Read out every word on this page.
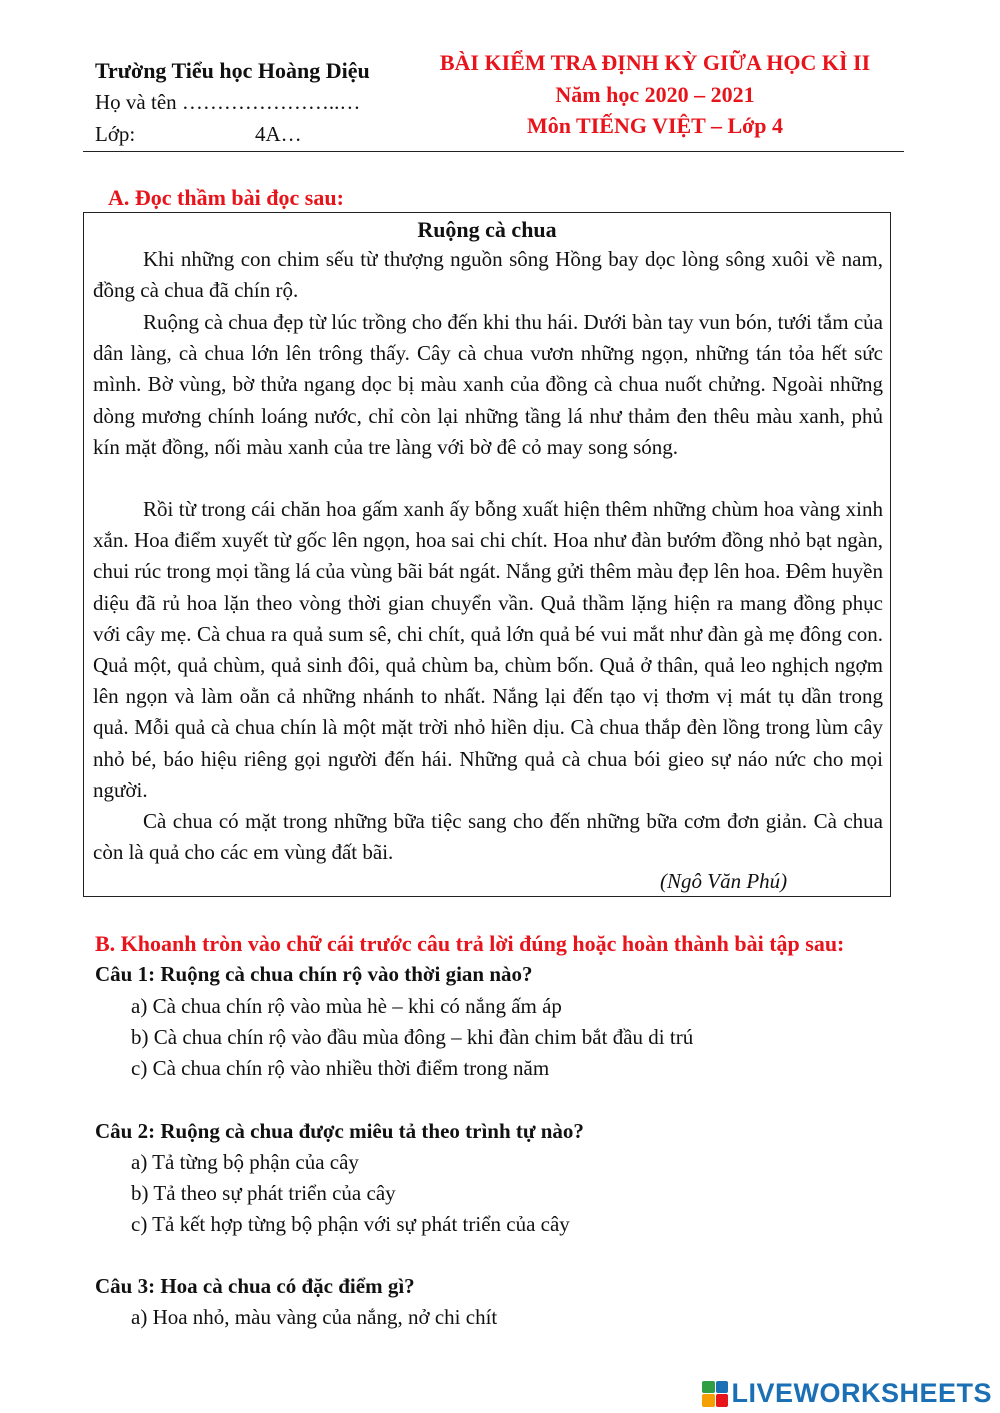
Trường Tiểu học Hoàng Diệu
Họ và tên …………………..…
Lớp:	4A…
BÀI KIỂM TRA ĐỊNH KỲ GIỮA HỌC KÌ II
Năm học 2020 – 2021
Môn TIẾNG VIỆT – Lớp 4
A. Đọc thầm bài đọc sau:
Ruộng cà chua

Khi những con chim sếu từ thượng nguồn sông Hồng bay dọc lòng sông xuôi về nam, đồng cà chua đã chín rộ.

Ruộng cà chua đẹp từ lúc trồng cho đến khi thu hái. Dưới bàn tay vun bón, tưới tắm của dân làng, cà chua lớn lên trông thấy. Cây cà chua vươn những ngọn, những tán tỏa hết sức mình. Bờ vùng, bờ thửa ngang dọc bị màu xanh của đồng cà chua nuốt chửng. Ngoài những dòng mương chính loáng nước, chỉ còn lại những tầng lá như thảm đen thêu màu xanh, phủ kín mặt đồng, nối màu xanh của tre làng với bờ đê cỏ may song sóng.

Rồi từ trong cái chăn hoa gấm xanh ấy bỗng xuất hiện thêm những chùm hoa vàng xinh xắn. Hoa điểm xuyết từ gốc lên ngọn, hoa sai chi chít. Hoa như đàn bướm đồng nhỏ bạt ngàn, chui rúc trong mọi tầng lá của vùng bãi bát ngát. Nắng gửi thêm màu đẹp lên hoa. Đêm huyền diệu đã rủ hoa lặn theo vòng thời gian chuyển vần. Quả thầm lặng hiện ra mang đồng phục với cây mẹ. Cà chua ra quả sum sê, chi chít, quả lớn quả bé vui mắt như đàn gà mẹ đông con. Quả một, quả chùm, quả sinh đôi, quả chùm ba, chùm bốn. Quả ở thân, quả leo nghịch ngợm lên ngọn và làm oằn cả những nhánh to nhất. Nắng lại đến tạo vị thơm vị mát tụ dần trong quả. Mỗi quả cà chua chín là một mặt trời nhỏ hiền dịu. Cà chua thắp đèn lồng trong lùm cây nhỏ bé, báo hiệu riêng gọi người đến hái. Những quả cà chua bói gieo sự náo nức cho mọi người.

Cà chua có mặt trong những bữa tiệc sang cho đến những bữa cơm đơn giản. Cà chua còn là quả cho các em vùng đất bãi.

(Ngô Văn Phú)
B. Khoanh tròn vào chữ cái trước câu trả lời đúng hoặc hoàn thành bài tập sau:
Câu 1: Ruộng cà chua chín rộ vào thời gian nào?
a) Cà chua chín rộ vào mùa hè – khi có nắng ấm áp
b) Cà chua chín rộ vào đầu mùa đông – khi đàn chim bắt đầu di trú
c) Cà chua chín rộ vào nhiều thời điểm trong năm
Câu 2: Ruộng cà chua được miêu tả theo trình tự nào?
a) Tả từng bộ phận của cây
b) Tả theo sự phát triển của cây
c) Tả kết hợp từng bộ phận với sự phát triển của cây
Câu 3: Hoa cà chua có đặc điểm gì?
a) Hoa nhỏ, màu vàng của nắng, nở chi chít
LIVEWORKSHEETS
